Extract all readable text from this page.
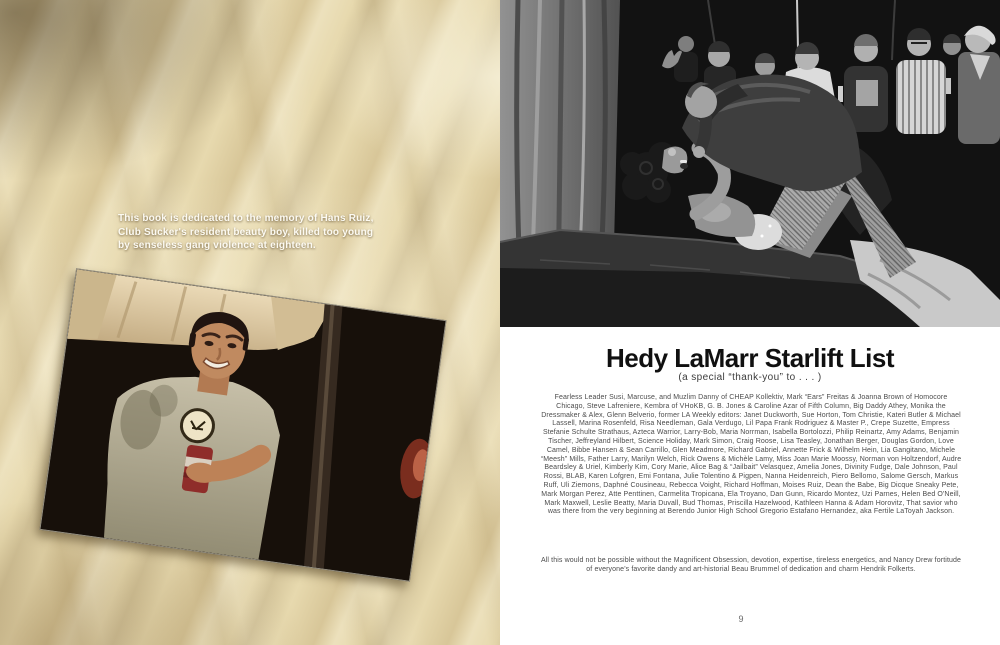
This book is dedicated to the memory of Hans Ruiz,
Club Sucker's resident beauty boy, killed too young
by senseless gang violence at eighteen.
Hedy LaMarr Starlift List
(a special “thank-you” to . . . )
Fearless Leader Susi, Marcuse, and Muzlim Danny of CHEAP Kollektiv, Mark “Ears” Freitas & Joanna Brown of Homocore Chicago, Steve Lafreniere, Kembra of VHoKB, G. B. Jones & Caroline Azar of Fifth Column, Big Daddy Athey, Monika the Dressmaker & Alex, Glenn Belverio, former LA Weekly editors: Janet Duckworth, Sue Horton, Tom Christie, Kateri Butler & Michael Lassell, Marina Rosenfeld, Risa Needleman, Gala Verdugo, Lil Papa Frank Rodriguez & Master P., Crepe Suzette, Empress Stefanie Schulte Strathaus, Azteca Warrior, Larry-Bob, Maria Norrman, Isabella Bortolozzi, Philip Reinartz, Amy Adams, Benjamin Tischer, Jeffreyland Hilbert, Science Holiday, Mark Simon, Craig Roose, Lisa Teasley, Jonathan Berger, Douglas Gordon, Love Camel, Bibbe Hansen & Sean Carrillo, Glen Meadmore, Richard Gabriel, Annette Frick & Wilhelm Hein, Lia Gangitano, Michele “Meesh” Mills, Father Larry, Marilyn Welch, Rick Owens & Michèle Lamy, Miss Joan Marie Moossy, Norman von Holtzendorf, Audre Beardsley & Uriel, Kimberly Kim, Cory Marie, Alice Bag & “Jailbait” Velasquez, Amelia Jones, Divinity Fudge, Dale Johnson, Paul Rossi, BLAB, Karen Lofgren, Emi Fontana, Julie Tolentino & Pigpen, Nanna Heidenreich, Piero Bellomo, Salome Gersch, Markus Ruff, Uli Ziemons, Daphné Cousineau, Rebecca Voight, Richard Hoffman, Moises Ruiz, Dean the Babe, Big Dicque Sneaky Pete, Mark Morgan Perez, Atte Penttinen, Carmelita Tropicana, Ela Troyano, Dan Gunn, Ricardo Montez, Uzi Parnes, Helen Bed O'Neill, Mark Maxwell, Leslie Beatty, Maria Duvall, Bud Thomas, Priscilla Hazelwood, Kathleen Hanna & Adam Horovitz, That savior who was there from the very beginning at Berendo Junior High School Gregorio Estafano Hernandez, aka Fertile LaToyah Jackson.
All this would not be possible without the Magnificent Obsession, devotion, expertise, tireless energetics, and Nancy Drew fortitude of everyone's favorite dandy and art-historial Beau Brummel of dedication and charm Hendrik Folkerts.
9
